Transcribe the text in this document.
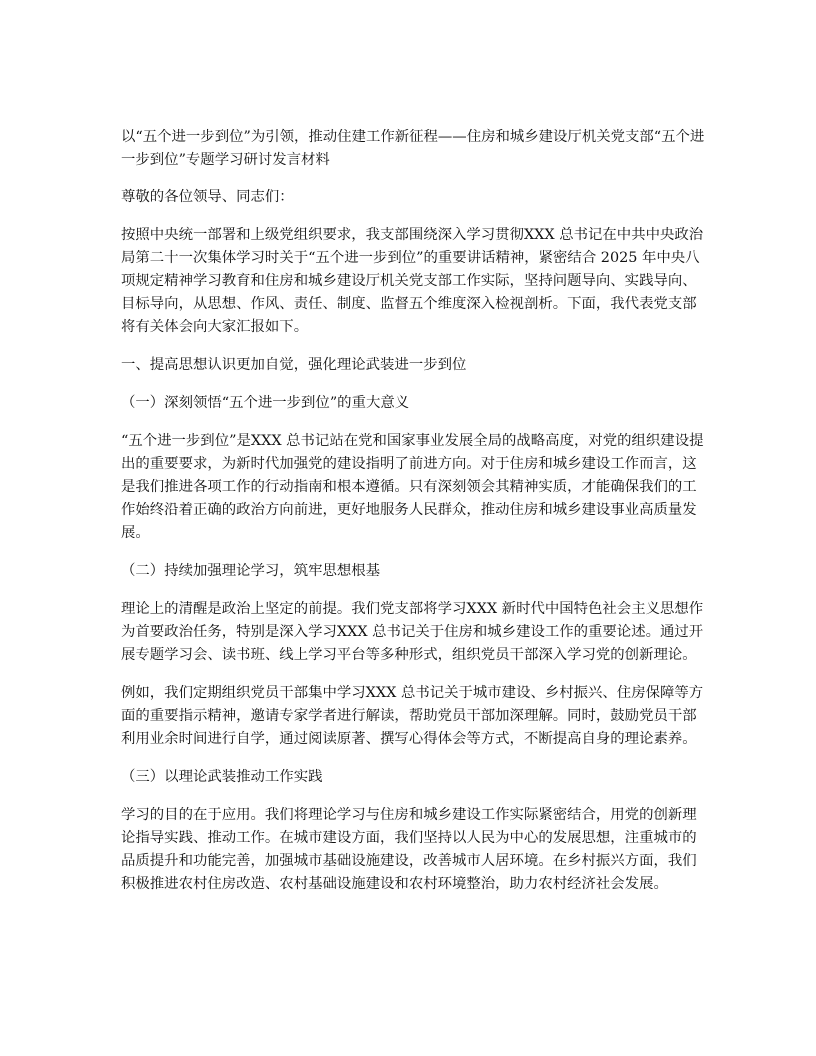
以“五个进一步到位”为引领，推动住建工作新征程——住房和城乡建设厅机关党支部“五个进一步到位”专题学习研讨发言材料

尊敬的各位领导、同志们：

按照中央统一部署和上级党组织要求，我支部围绕深入学习贯彻XXX 总书记在中共中央政治局第二十一次集体学习时关于“五个进一步到位”的重要讲话精神，紧密结合 2025 年中央八项规定精神学习教育和住房和城乡建设厅机关党支部工作实际，坚持问题导向、实践导向、目标导向，从思想、作风、责任、制度、监督五个维度深入检视剖析。下面，我代表党支部将有关体会向大家汇报如下。

一、提高思想认识更加自觉，强化理论武装进一步到位

（一）深刻领悟“五个进一步到位”的重大意义

“五个进一步到位”是XXX 总书记站在党和国家事业发展全局的战略高度，对党的组织建设提出的重要要求，为新时代加强党的建设指明了前进方向。对于住房和城乡建设工作而言，这是我们推进各项工作的行动指南和根本遵循。只有深刻领会其精神实质，才能确保我们的工作始终沿着正确的政治方向前进，更好地服务人民群众，推动住房和城乡建设事业高质量发展。

（二）持续加强理论学习，筑牢思想根基

理论上的清醒是政治上坚定的前提。我们党支部将学习XXX 新时代中国特色社会主义思想作为首要政治任务，特别是深入学习XXX 总书记关于住房和城乡建设工作的重要论述。通过开展专题学习会、读书班、线上学习平台等多种形式，组织党员干部深入学习党的创新理论。

例如，我们定期组织党员干部集中学习XXX 总书记关于城市建设、乡村振兴、住房保障等方面的重要指示精神，邀请专家学者进行解读，帮助党员干部加深理解。同时，鼓励党员干部利用业余时间进行自学，通过阅读原著、撰写心得体会等方式，不断提高自身的理论素养。

（三）以理论武装推动工作实践

学习的目的在于应用。我们将理论学习与住房和城乡建设工作实际紧密结合，用党的创新理论指导实践、推动工作。在城市建设方面，我们坚持以人民为中心的发展思想，注重城市的品质提升和功能完善，加强城市基础设施建设，改善城市人居环境。在乡村振兴方面，我们积极推进农村住房改造、农村基础设施建设和农村环境整治，助力农村经济社会发展。
